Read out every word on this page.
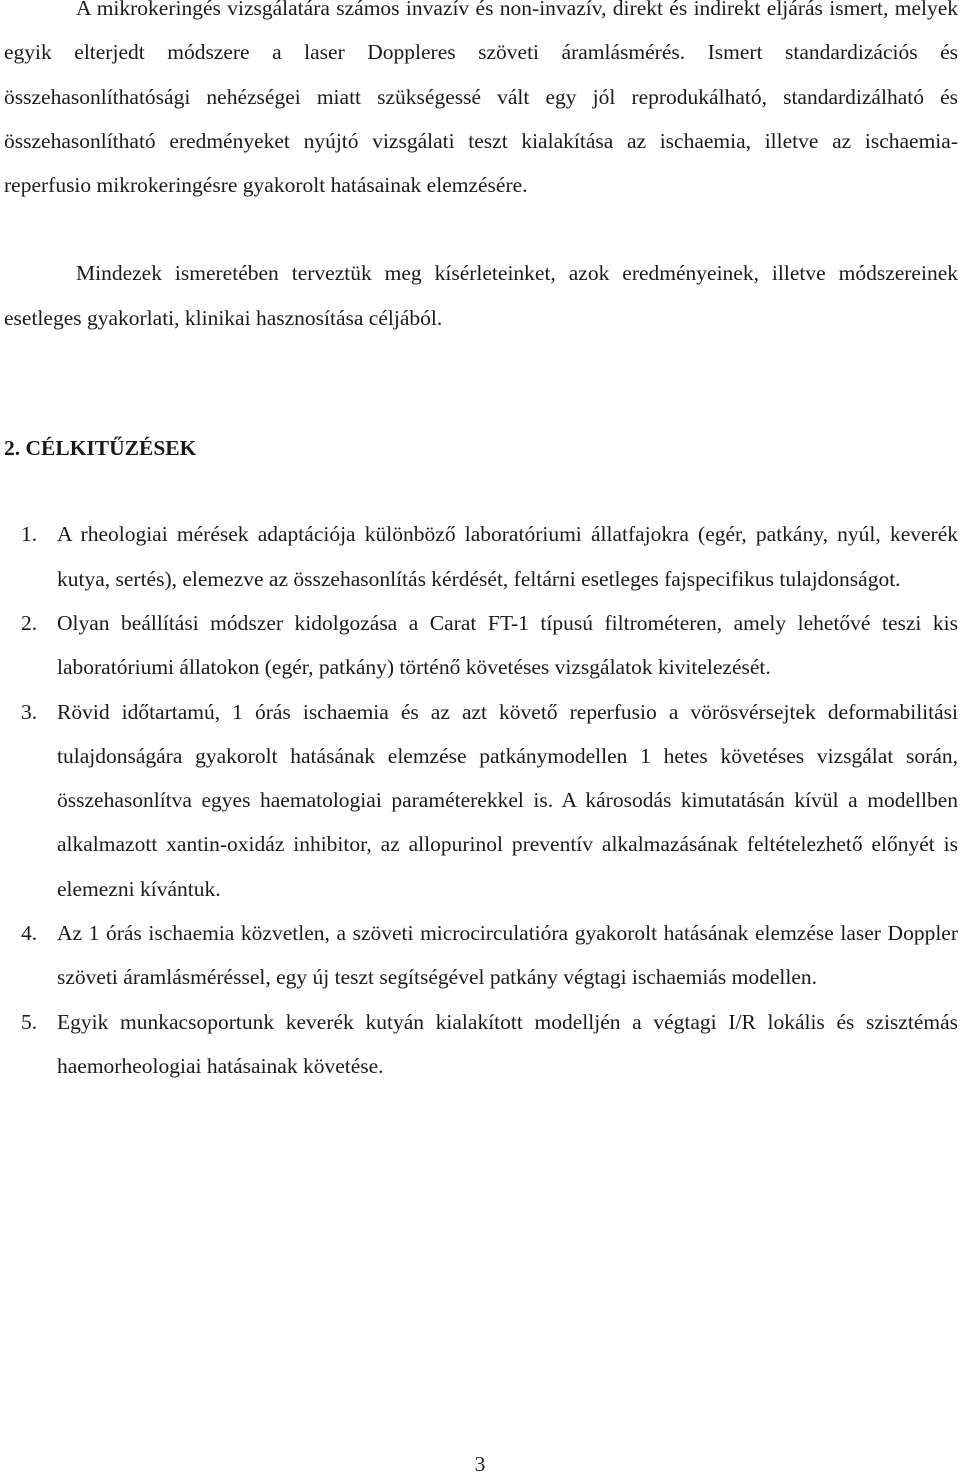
A mikrokeringés vizsgálatára számos invazív és non-invazív, direkt és indirekt eljárás ismert, melyek egyik elterjedt módszere a laser Doppleres szöveti áramlásmérés. Ismert standardizációs és összehasonlíthatósági nehézségei miatt szükségessé vált egy jól reprodukálható, standardizálható és összehasonlítható eredményeket nyújtó vizsgálati teszt kialakítása az ischaemia, illetve az ischaemia-reperfusio mikrokeringésre gyakorolt hatásainak elemzésére.

Mindezek ismeretében terveztük meg kísérleteinket, azok eredményeinek, illetve módszereinek esetleges gyakorlati, klinikai hasznosítása céljából.

2. CÉLKITŰZÉSEK
1. A rheologiai mérések adaptációja különböző laboratóriumi állatfajokra (egér, patkány, nyúl, keverék kutya, sertés), elemezve az összehasonlítás kérdését, feltárni esetleges fajspecifikus tulajdonságot.
2. Olyan beállítási módszer kidolgozása a Carat FT-1 típusú filtrométeren, amely lehetővé teszi kis laboratóriumi állatokon (egér, patkány) történő követéses vizsgálatok kivitelezését.
3. Rövid időtartamú, 1 órás ischaemia és az azt követő reperfusio a vörösvérsejtek deformabilitási tulajdonságára gyakorolt hatásának elemzése patkánymodellen 1 hetes követéses vizsgálat során, összehasonlítva egyes haematologiai paraméterekkel is. A károsodás kimutatásán kívül a modellben alkalmazott xantin-oxidáz inhibitor, az allopurinol preventív alkalmazásának feltételezhető előnyét is elemezni kívántuk.
4. Az 1 órás ischaemia közvetlen, a szöveti microcirculatióra gyakorolt hatásának elemzése laser Doppler szöveti áramlásméréssel, egy új teszt segítségével patkány végtagi ischaemiás modellen.
5. Egyik munkacsoportunk keverék kutyán kialakított modelljén a végtagi I/R lokális és szisztémás haemorheologiai hatásainak követése.
3
